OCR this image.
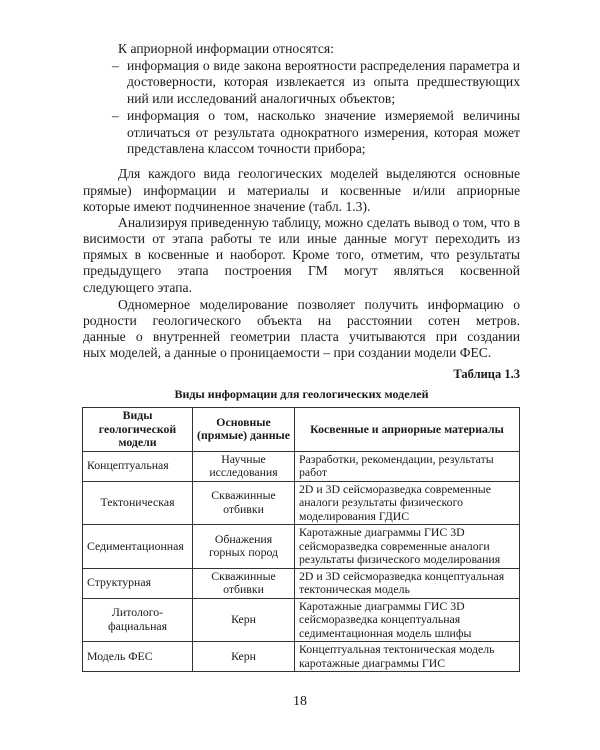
К априорной информации относятся:
– информация о виде закона вероятности распределения параметра и
достоверности, которая извлекается из опыта предшествующих
ний или исследований аналогичных объектов;
– информация о том, насколько значение измеряемой величины
отличаться от результата однократного измерения, которая может
представлена классом точности прибора;
Для каждого вида геологических моделей выделяются основные
прямые) информации и материалы и косвенные и/или априорные
которые имеют подчиненное значение (табл. 1.3).
Анализируя приведенную таблицу, можно сделать вывод о том, что в
висимости от этапа работы те или иные данные могут переходить из
прямых в косвенные и наоборот. Кроме того, отметим, что результаты
предыдущего этапа построения ГМ могут являться косвенной
следующего этапа.
Одномерное моделирование позволяет получить информацию о
родности геологического объекта на расстоянии сотен метров.
данные о внутренней геометрии пласта учитываются при создании
ных моделей, а данные о проницаемости – при создании модели ФЕС.
Таблица 1.3
Виды информации для геологических моделей
Виды геологической модели	Основные (прямые) данные	Косвенные и априорные материалы
Концептуальная	Научные исследования	Разработки, рекомендации, результаты работ
Тектоническая	Скважинные отбивки	2D и 3D сейсморазведка современные аналоги результаты физического моделирования ГДИС
Седиментационная	Обнажения горных пород	Каротажные диаграммы ГИС 3D сейсморазведка современные аналоги результаты физического моделирования
Структурная	Скважинные отбивки	2D и 3D сейсморазведка концептуальная тектоническая модель
Литолого-фациальная	Керн	Каротажные диаграммы ГИС 3D сейсморазведка концептуальная седиментационная модель шлифы
Модель ФЕС	Керн	Концептуальная тектоническая модель каротажные диаграммы ГИС
18
